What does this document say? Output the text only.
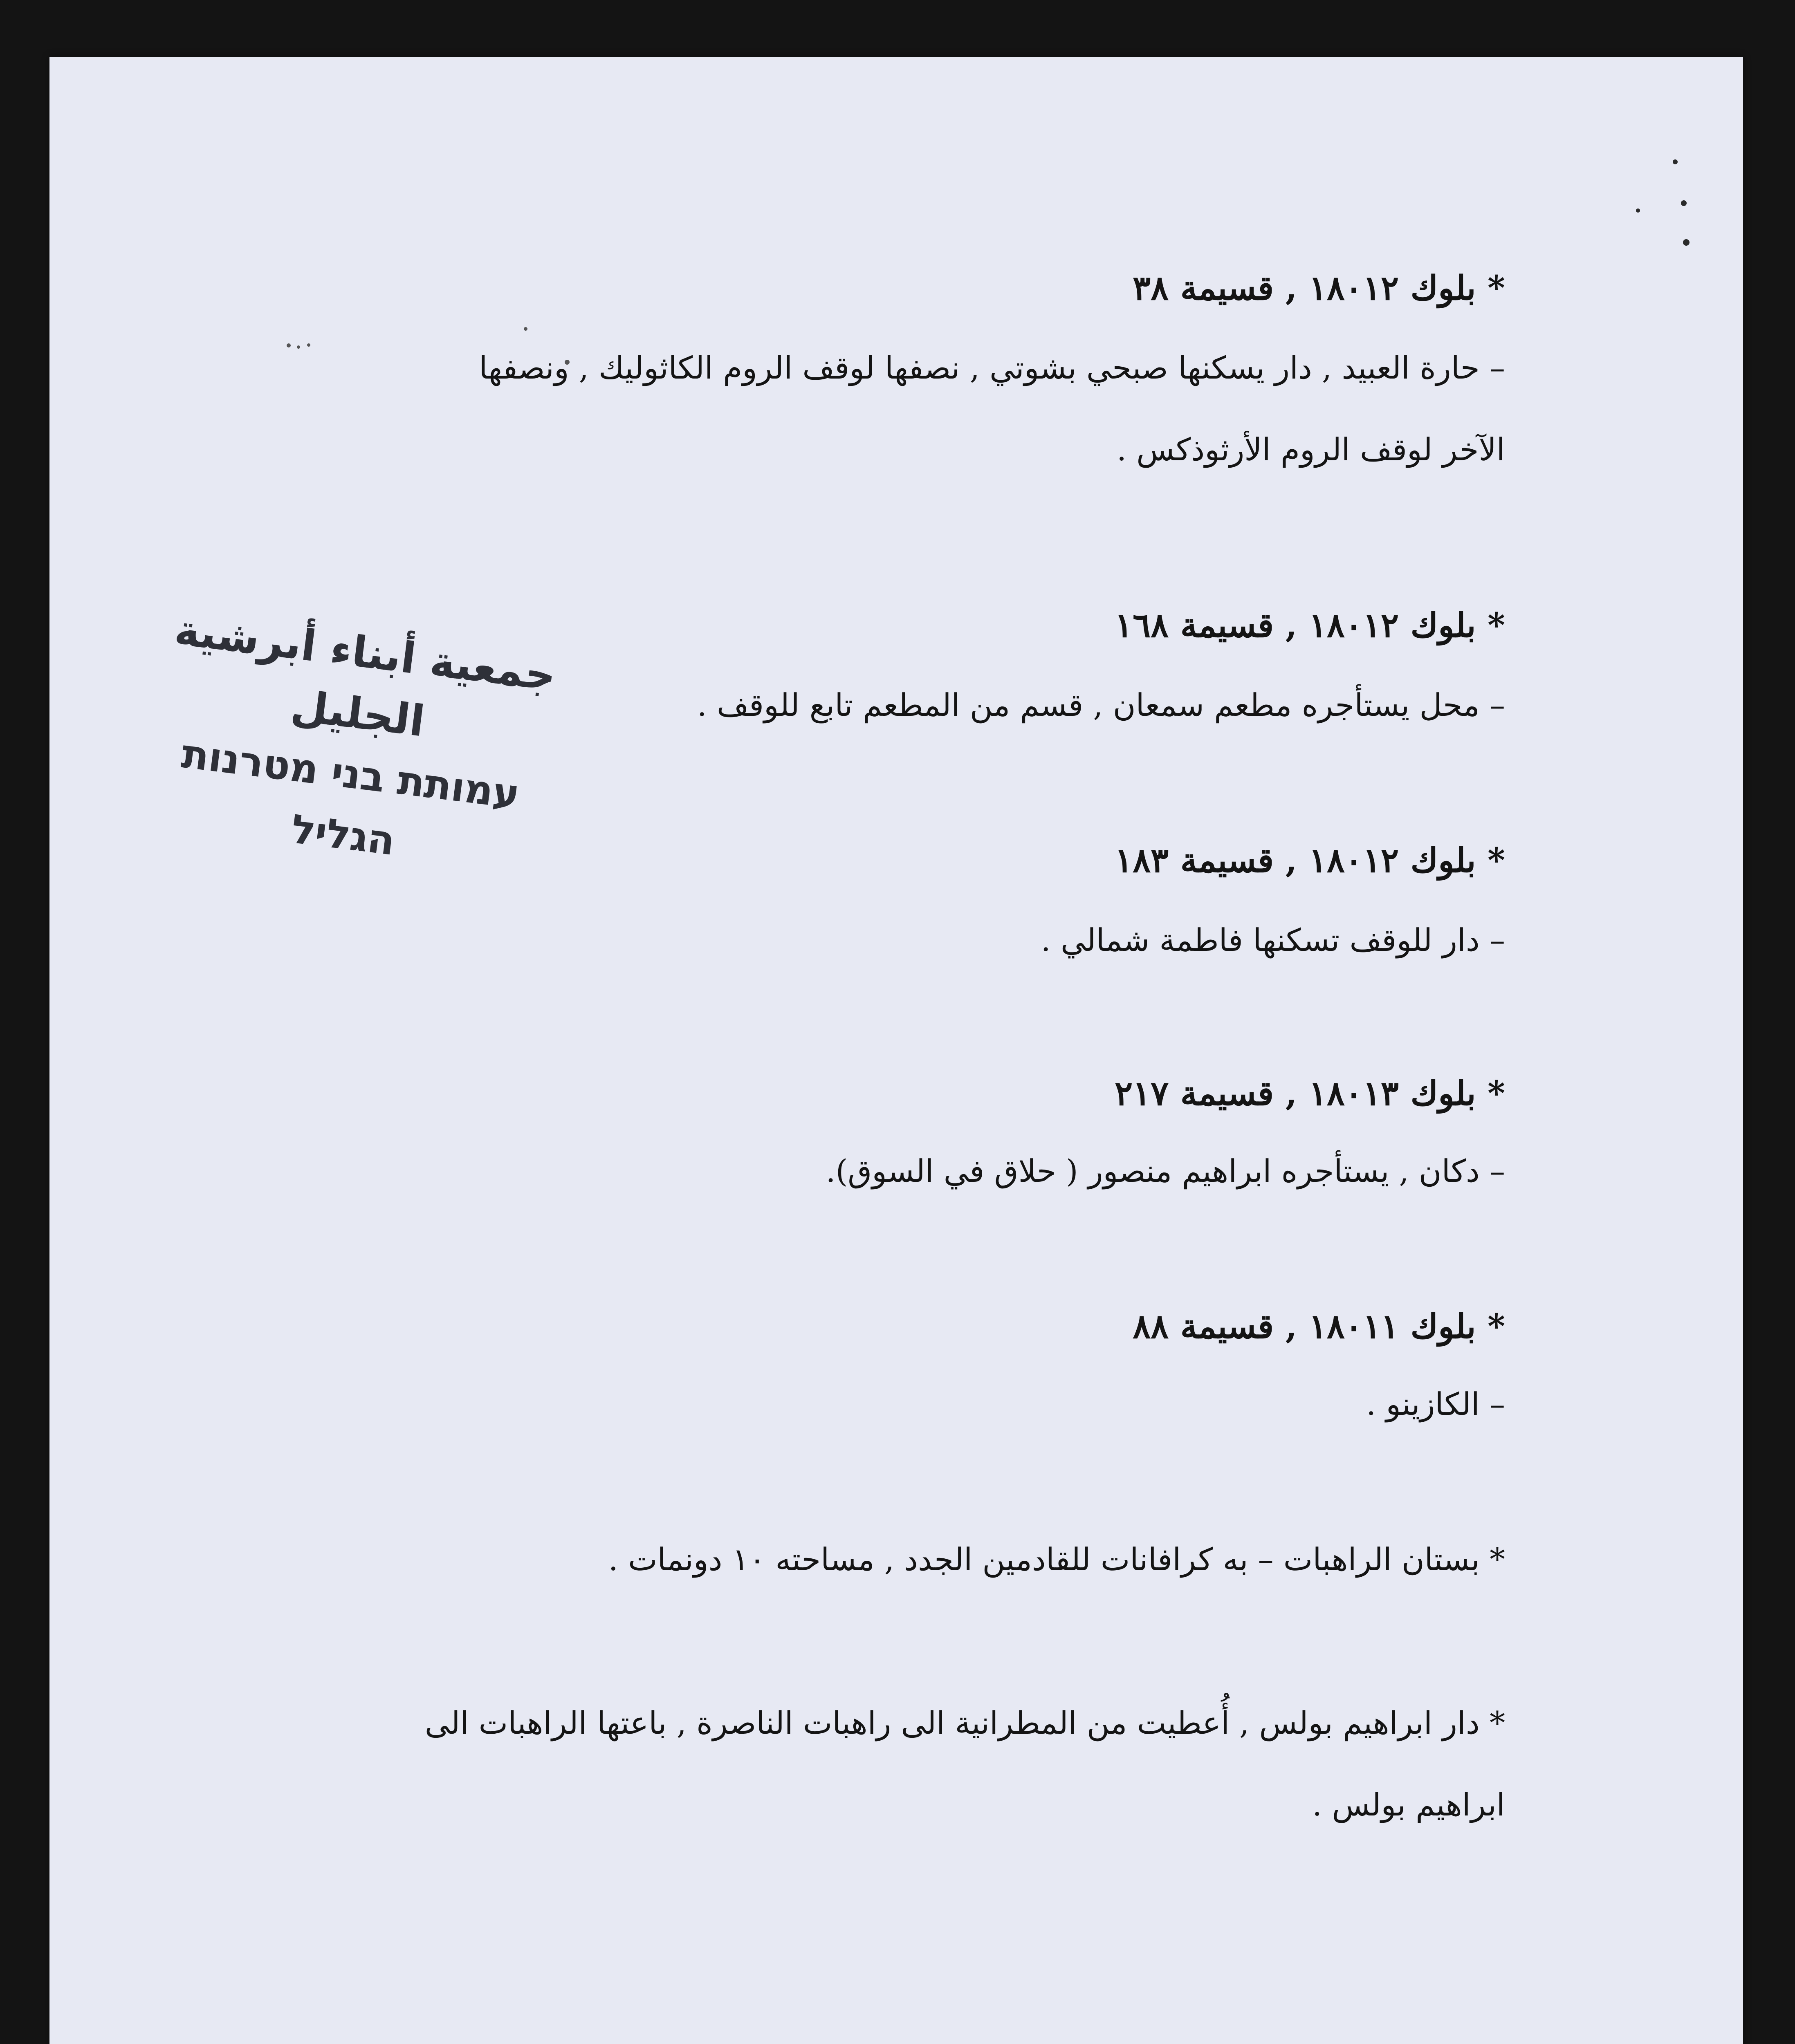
جمعية أبناء أبرشية الجليل
עמותת בני מטרנות הגליל
* بلوك ١٨٠١٢ , قسيمة ٣٨
– حارة العبيد , دار يسكنها صبحي بشوتي , نصفها لوقف الروم الكاثوليك , ونصفها
الآخر لوقف الروم الأرثوذكس .
* بلوك ١٨٠١٢ , قسيمة ١٦٨
– محل يستأجره مطعم سمعان , قسم من المطعم تابع للوقف .
* بلوك ١٨٠١٢ , قسيمة ١٨٣
– دار للوقف تسكنها فاطمة شمالي .
* بلوك ١٨٠١٣ , قسيمة ٢١٧
– دكان , يستأجره ابراهيم منصور ( حلاق في السوق).
* بلوك ١٨٠١١ , قسيمة ٨٨
– الكازينو .
* بستان الراهبات – به كرافانات للقادمين الجدد , مساحته ١٠ دونمات .
* دار ابراهيم بولس , أُعطيت من المطرانية الى راهبات الناصرة , باعتها الراهبات الى
ابراهيم بولس .
